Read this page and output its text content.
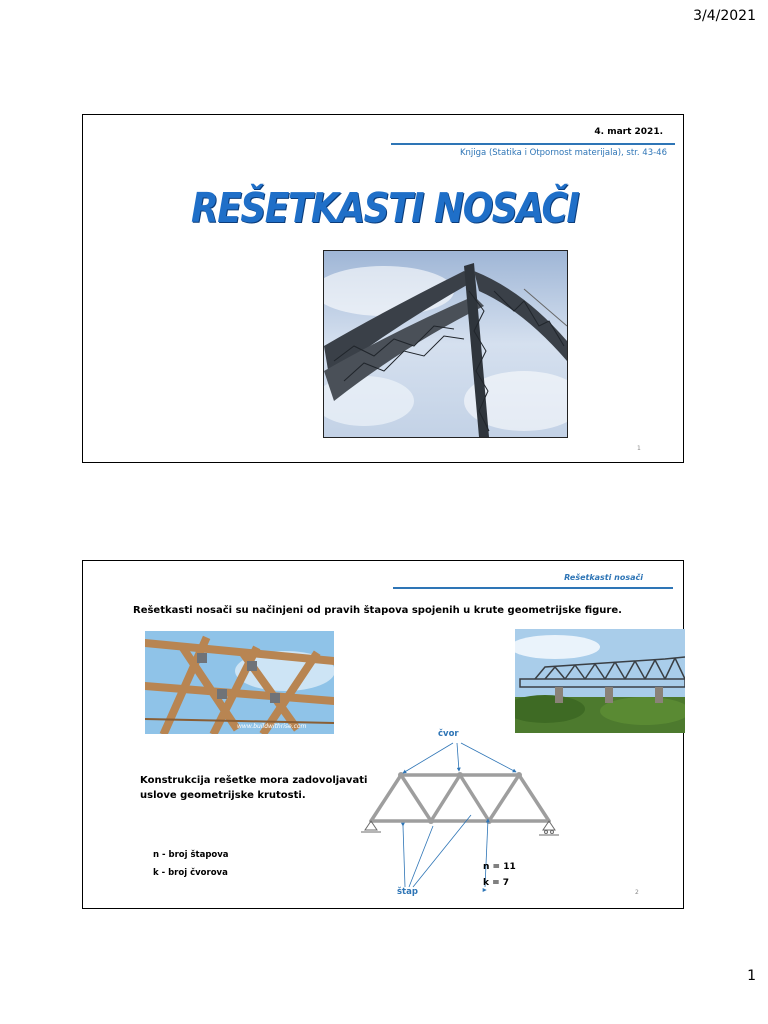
3/4/2021
4. mart 2021.
Knjiga (Statika i Otpornost materijala), str. 43-46
REŠETKASTI NOSAČI
1
Rešetkasti nosači
Rešetkasti nosači su načinjeni od pravih štapova spojenih u krute geometrijske figure.
www.buildwithrise.com
Konstrukcija rešetke mora zadovoljavati uslove geometrijske krutosti.
n - broj štapova
k - broj čvorova
čvor
štap
n = 11
k = 7
2
1
